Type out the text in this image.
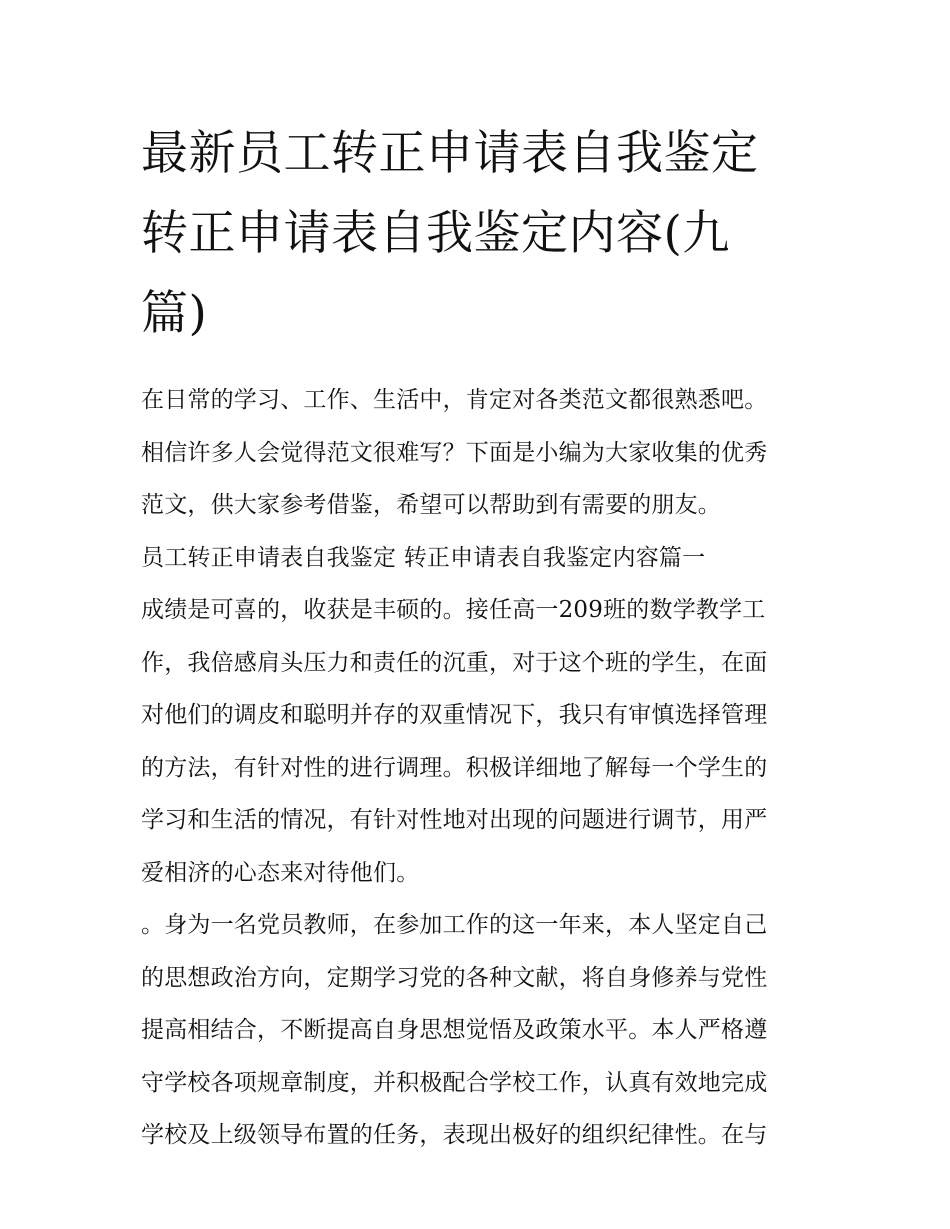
最新员工转正申请表自我鉴定
转正申请表自我鉴定内容(九
篇)

在日常的学习、工作、生活中，肯定对各类范文都很熟悉吧。
相信许多人会觉得范文很难写？下面是小编为大家收集的优秀
范文，供大家参考借鉴，希望可以帮助到有需要的朋友。

员工转正申请表自我鉴定 转正申请表自我鉴定内容篇一

成绩是可喜的，收获是丰硕的。接任高一209班的数学教学工
作，我倍感肩头压力和责任的沉重，对于这个班的学生，在面
对他们的调皮和聪明并存的双重情况下，我只有审慎选择管理
的方法，有针对性的进行调理。积极详细地了解每一个学生的
学习和生活的情况，有针对性地对出现的问题进行调节，用严
爱相济的心态来对待他们。

。身为一名党员教师，在参加工作的这一年来，本人坚定自己
的思想政治方向，定期学习党的各种文献，将自身修养与党性
提高相结合，不断提高自身思想觉悟及政策水平。本人严格遵
守学校各项规章制度，并积极配合学校工作，认真有效地完成
学校及上级领导布置的任务，表现出极好的组织纪律性。在与
